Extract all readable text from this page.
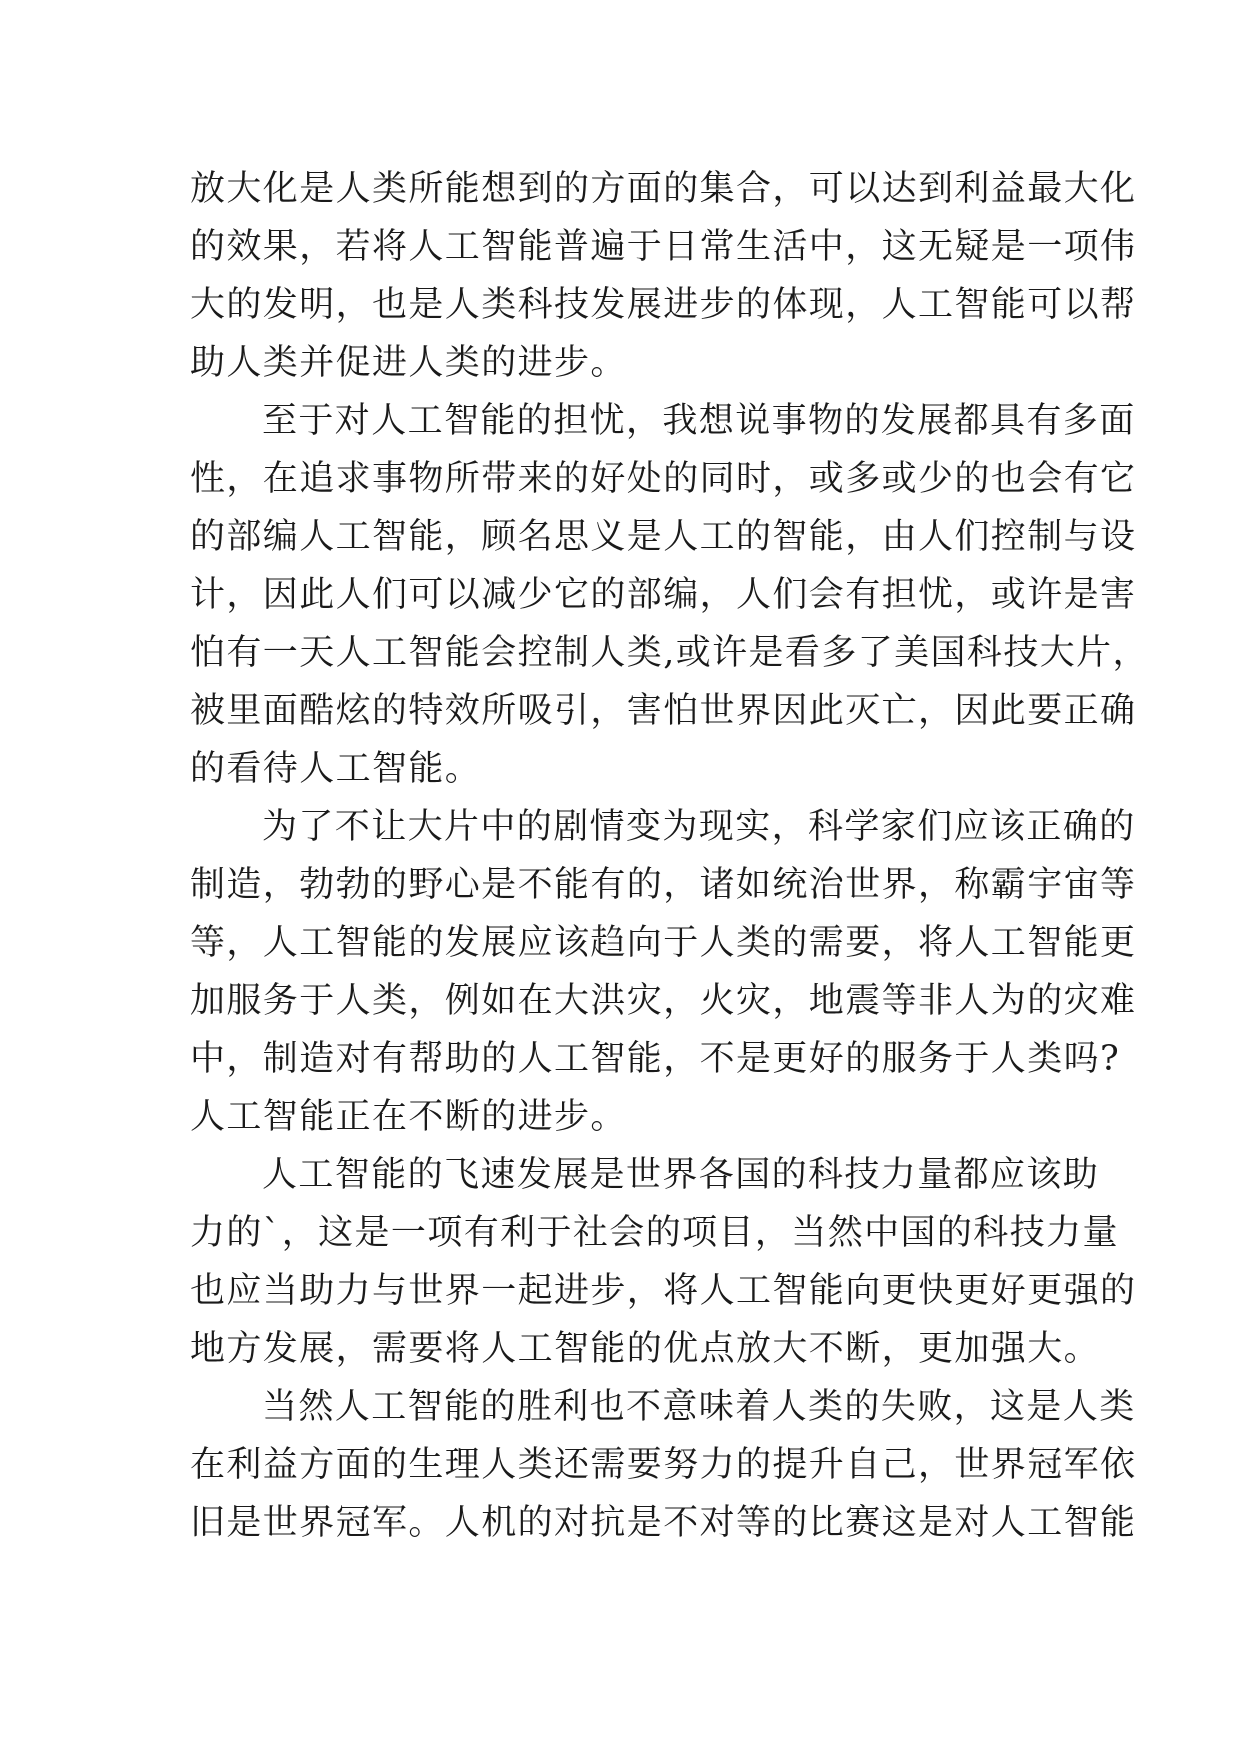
放大化是人类所能想到的方面的集合，可以达到利益最大化
的效果，若将人工智能普遍于日常生活中，这无疑是一项伟
大的发明，也是人类科技发展进步的体现，人工智能可以帮
助人类并促进人类的进步。
至于对人工智能的担忧，我想说事物的发展都具有多面
性，在追求事物所带来的好处的同时，或多或少的也会有它
的部编人工智能，顾名思义是人工的智能，由人们控制与设
计，因此人们可以减少它的部编，人们会有担忧，或许是害
怕有一天人工智能会控制人类,或许是看多了美国科技大片，
被里面酷炫的特效所吸引，害怕世界因此灭亡，因此要正确
的看待人工智能。
为了不让大片中的剧情变为现实，科学家们应该正确的
制造，勃勃的野心是不能有的，诸如统治世界，称霸宇宙等
等，人工智能的发展应该趋向于人类的需要，将人工智能更
加服务于人类，例如在大洪灾，火灾，地震等非人为的灾难
中，制造对有帮助的人工智能，不是更好的服务于人类吗?
人工智能正在不断的进步。
人工智能的飞速发展是世界各国的科技力量都应该助
力的`，这是一项有利于社会的项目，当然中国的科技力量
也应当助力与世界一起进步，将人工智能向更快更好更强的
地方发展，需要将人工智能的优点放大不断，更加强大。
当然人工智能的胜利也不意味着人类的失败，这是人类
在利益方面的生理人类还需要努力的提升自己，世界冠军依
旧是世界冠军。人机的对抗是不对等的比赛这是对人工智能
